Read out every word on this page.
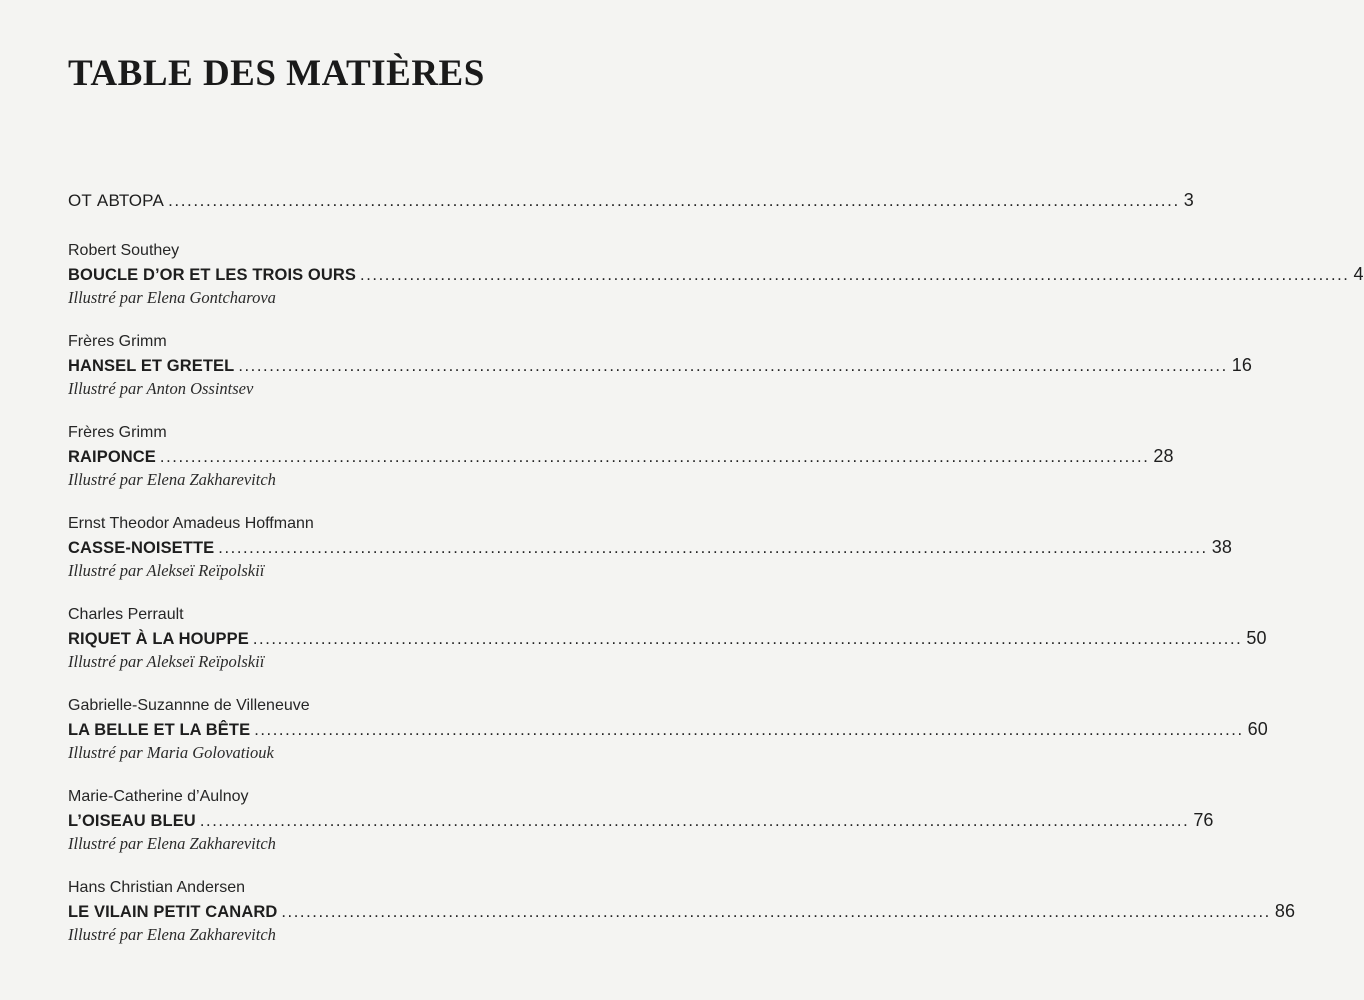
TABLE DES MATIÈRES
ОТ АВТОРА ................................................................................................................................................................ 3
Robert Southey
BOUCLE D’OR ET LES TROIS OURS ................................................................................................................................................................ 4
Illustré par Elena Gontcharova
Frères Grimm
HANSEL ET GRETEL ................................................................................................................................................................ 16
Illustré par Anton Ossintsev
Frères Grimm
RAIPONCE ................................................................................................................................................................ 28
Illustré par Elena Zakharevitch
Ernst Theodor Amadeus Hoffmann
CASSE-NOISETTE ................................................................................................................................................................ 38
Illustré par Alekseï Reïpolskiï
Charles Perrault
RIQUET À LA HOUPPE ................................................................................................................................................................ 50
Illustré par Alekseï Reïpolskiï
Gabrielle-Suzannne de Villeneuve
LA BELLE ET LA BÊTE ................................................................................................................................................................ 60
Illustré par Maria Golovatiouk
Marie-Catherine d’Aulnoy
L’OISEAU BLEU ................................................................................................................................................................ 76
Illustré par Elena Zakharevitch
Hans Christian Andersen
LE VILAIN PETIT CANARD ................................................................................................................................................................ 86
Illustré par Elena Zakharevitch
